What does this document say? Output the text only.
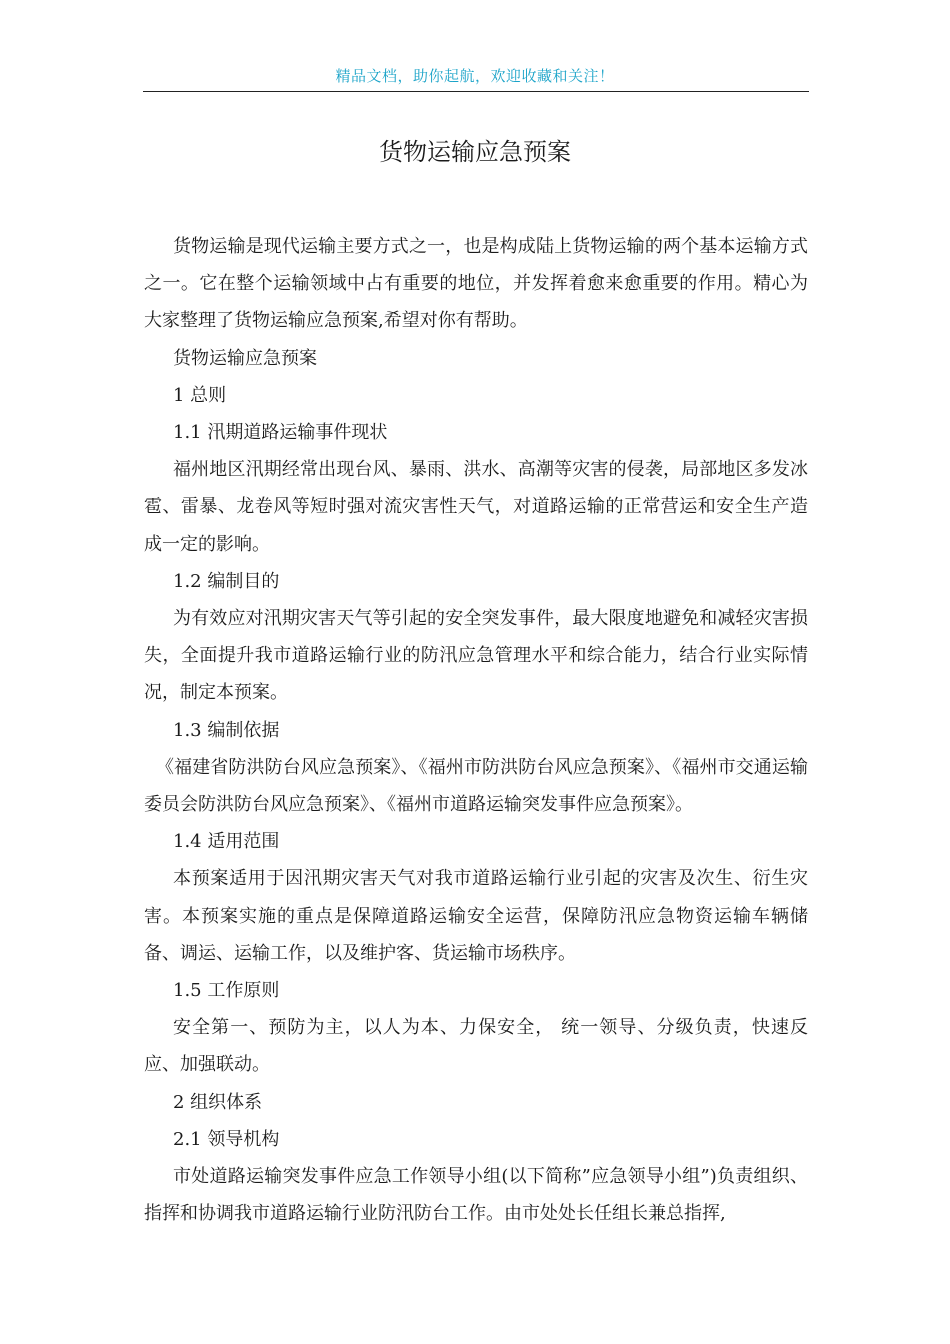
精品文档，助你起航，欢迎收藏和关注！
货物运输应急预案

货物运输是现代运输主要方式之一，也是构成陆上货物运输的两个基本运输方式之一。它在整个运输领域中占有重要的地位，并发挥着愈来愈重要的作用。精心为大家整理了货物运输应急预案,希望对你有帮助。

货物运输应急预案

1 总则

1.1 汛期道路运输事件现状

福州地区汛期经常出现台风、暴雨、洪水、高潮等灾害的侵袭，局部地区多发冰雹、雷暴、龙卷风等短时强对流灾害性天气，对道路运输的正常营运和安全生产造成一定的影响。

1.2 编制目的

为有效应对汛期灾害天气等引起的安全突发事件，最大限度地避免和减轻灾害损失，全面提升我市道路运输行业的防汛应急管理水平和综合能力，结合行业实际情况，制定本预案。

1.3 编制依据

《福建省防洪防台风应急预案》、《福州市防洪防台风应急预案》、《福州市交通运输委员会防洪防台风应急预案》、《福州市道路运输突发事件应急预案》。

1.4 适用范围

本预案适用于因汛期灾害天气对我市道路运输行业引起的灾害及次生、衍生灾害。本预案实施的重点是保障道路运输安全运营，保障防汛应急物资运输车辆储备、调运、运输工作，以及维护客、货运输市场秩序。

1.5 工作原则

安全第一、预防为主，以人为本、力保安全， 统一领导、分级负责，快速反应、加强联动。

2 组织体系

2.1 领导机构

市处道路运输突发事件应急工作领导小组(以下简称”应急领导小组”)负责组织、指挥和协调我市道路运输行业防汛防台工作。由市处处长任组长兼总指挥,
